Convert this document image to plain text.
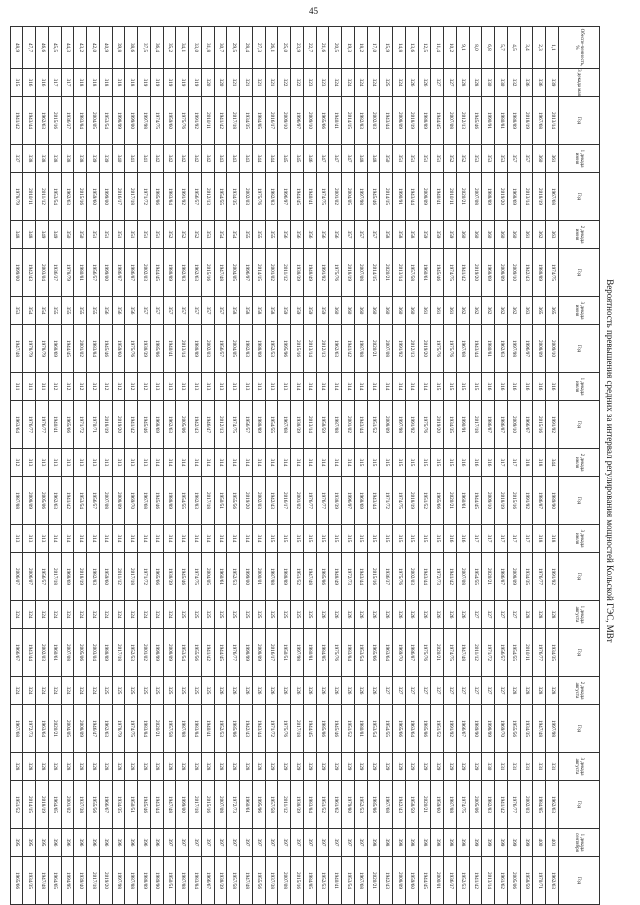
45
Вероятность превышения средних за интервал регулирования мощностей Кольской ГЭС, МВт
Обеспе-ченность, %	3 декада мая	Год	1 декада июня	Год	2 декада июня	Год	3 декада июня	Год	1 декада июля	Год	2 декада июля	Год	3 декада июля	Год	1 декада августа	Год	2 декада августа	Год	3 декада августа	Год	1 декада сентября	Год
1,1	339	2013/14	361	1967/68	363	1974/75	365	2009/10	316	1991/92	344	1989/90	318	1991/92	328	1934/35	328	1997/98	331	1962/63	401	1962/63
2,3	336	1967/68	360	2018/19	362	1988/89	365	2008/09	316	2015/16	318	1986/87	318	1976/77	328	1976/77	328	1947/48	331	1984/85	400	1970/71
3,4	336	2018/19	357	2013/14	361	1942/43	363	1996/97	316	1966/67	318	1991/92	317	1934/35	328	2010/11	328	1934/35	331	2002/03	399	1958/59
4,5	332	1988/89	357	1968/69	360	2009/10	362	1997/98	316	2009/10	317	2015/16	317	2008/09	327	1954/55	328	1955/56	331	1976/77	399	2005/06
5,7	330	1980/81	353	2019/20	360	2008/09	362	1962/63	316	1986/87	317	2018/19	317	1986/87	327	1956/57	327	1969/70	331	1941/42	399	1961/62
6,8	330	1990/91	353	1988/89	360	1968/69	362	1980/81	316	1986/87	316	2009/10	317	2020/21	327	1971/72	327	1998/99	330	1982/83	399	2013/14
8,0	328	1945/46	353	2007/08	360	2019/20	362	1943/44	315	2017/18	316	1944/45	317	1954/55	327	2011/12	327	1989/90	329	2005/06	399	1941/42
9,1	328	2012/13	352	2020/21	360	1941/42	362	1967/68	315	1990/91	316	1960/61	316	2007/08	326	1947/48	327	1966/67	329	1974/75	398	1952/53
10,2	327	2007/08	352	2010/11	359	1974/75	361	1975/76	315	1934/35	315	2020/21	316	1941/42	326	1974/75	327	1991/92	329	1987/88	398	1936/37
11,4	327	1944/45	351	1940/41	359	1945/46	361	1975/76	315	2019/20	315	1965/66	315	1972/73	326	2020/21	327	1951/52	329	1959/60	398	2000/01
12,5	326	1988/89	351	2008/09	359	1960/61	361	2019/20	314	1975/76	315	1951/52	315	1943/44	326	1975/76	327	1985/86	329	2020/21	398	1944/45
13,6	326	2018/19	351	1943/44	358	1957/58	360	2012/13	314	1991/92	315	2018/19	315	2002/03	326	1986/87	327	1963/64	329	1958/59	398	1959/60
14,8	324	2008/09	351	1990/91	358	2013/14	360	1991/92	314	1997/98	315	1974/75	315	1975/76	326	1969/70	327	1965/66	329	1942/43	398	2008/09
15,9	325	1943/44	350	2014/15	358	2020/21	360	2007/08	314	2008/09	315	1971/72	315	1936/37	326	1963/64	327	1954/55	329	1967/68	398	1942/43
17,0	324	2002/03	348	1945/46	357	2014/15	360	2020/21	314	1951/52	315	1943/44	315	2015/16	326	1965/66	326	1953/54	329	1985/86	398	2020/21
18,2	324	1982/83	348	1997/98	357	2007/08	360	1987/88	314	1943/44	315	1968/69	315	1943/44	326	1953/54	326	1980/81	329	1952/53	397	1967/68
19,3	324	2014/15	347	2004/05	357	2018/19	360	1941/42	314	2001/02	314	1996/97	315	1972/73	326	1983/84	326	1951/52	329	1979/80	397	1953/54
20,5	324	1940/41	347	2001/02	356	1975/76	360	1962/63	314	1987/88	314	1938/39	315	1948/49	326	1975/76	326	1945/46	329	1961/62	397	1940/41
21,6	323	1965/66	347	1974/75	356	1991/92	359	2012/13	314	1958/59	314	1976/77	315	1985/86	326	1984/85	326	1985/86	329	1951/52	397	1952/53
22,7	323	2009/10	346	1940/41	356	1948/49	359	2013/14	314	2013/14	314	1976/77	315	1947/48	325	1980/81	326	1944/45	329	1983/84	397	1984/85
23,9	322	1996/97	345	1944/45	356	1938/39	359	2015/16	314	1938/39	314	2001/02	315	1951/52	325	1997/98	326	2017/18	329	1938/39	397	2015/16
25,0	322	2009/10	345	1996/97	356	2011/12	359	1995/96	313	1967/68	314	2016/17	315	1988/89	325	1950/51	326	1975/76	329	2011/12	397	2007/08
26,1	321	2016/17	344	1982/83	355	2001/02	358	1952/53	313	1954/55	314	1942/43	315	1987/88	325	2016/17	326	1971/72	329	1957/58	397	1937/38
27,3	321	1984/85	344	1975/76	355	2014/15	358	1988/89	313	1988/89	314	2002/03	314	2000/01	325	2008/09	326	1943/44	328	1995/96	397	1955/56
28,4	321	1934/35	343	2002/03	355	1996/97	358	1982/83	313	1956/57	314	2019/20	314	1999/00	325	1998/99	326	1942/43	328	1960/61	397	1947/48
29,5	321	2017/18	343	1934/35	354	2004/05	358	2004/05	313	1974/75	314	1955/56	314	1952/53	325	1976/77	326	1985/86	328	1972/73	397	1957/58
30,7	320	1941/42	343	1954/55	354	1947/48	357	1956/57	313	2012/13	314	1950/51	314	1960/61	325	1944/45	326	1952/53	328	2007/08	397	1938/39
31,8	320	2010/11	342	2012/13	353	2015/16	357	2002/03	313	1946/47	314	2017/18	314	2004/05	325	1941/42	325	1940/41	328	2015/16	397	1966/67
33,0	319	1991/92	342	1956/57	352	1962/63	357	1988/89	313	1942/43	314	1982/83	314	1974/75	325	1955/56	325	1983/84	328	2017/18	397	1983/84
34,1	319	1975/76	342	1991/92	352	1982/83	357	2013/14	313	2005/06	314	1954/55	314	1945/46	325	1953/54	325	1987/88	328	1999/00	397	1987/88
35,2	319	1959/60	342	1983/84	352	1988/89	357	1940/41	313	1962/63	314	1988/89	314	1938/39	324	2008/09	325	1957/58	328	1947/48	397	1950/51
36,4	319	1974/75	342	1985/86	351	1944/45	357	1985/86	313	1968/69	314	1945/46	314	1965/66	324	1998/99	325	2020/21	328	1943/44	396	1989/90
37,5	319	1997/98	341	1971/72	351	2002/03	357	1938/39	312	1945/46	313	1967/68	314	1971/72	324	2001/02	325	1983/84	328	1945/46	396	1988/89
38,6	318	1999/00	341	2017/18	351	1986/87	356	1975/76	312	1941/42	313	1969/70	314	2017/18	324	1952/53	325	1974/75	328	1950/51	396	1987/88
39,8	318	1998/99	340	2016/17	351	1986/87	356	1959/60	312	2019/20	313	2008/09	314	2011/12	324	2017/18	325	1978/79	328	1934/35	396	1997/98
40,9	318	1953/54	339	1999/00	351	1999/00	356	1945/46	312	2018/19	313	2007/08	314	1959/60	324	1988/89	325	1962/63	328	1966/67	396	2019/20
42,0	318	2004/05	339	1959/60	351	1956/57	355	1983/84	312	1970/71	313	1956/57	314	1982/83	324	2003/04	324	1946/47	328	1955/56	396	2017/18
43,2	318	1983/84	338	2015/16	350	1980/81	355	2001/02	312	1971/72	313	1953/54	314	2018/19	324	2005/06	324	2008/09	328	1937/38	396	1939/40
44,3	317	1936/37	338	1962/63	350	1978/79	355	1944/45	312	1965/66	313	1941/42	314	1968/69	324	2007/08	324	2004/05	328	2001/02	396	1994/95
45,5	317	2015/16	338	1953/54	349	1936/37	355	1968/69	312	1940/41	313	1962/63	314	2017/18	324	1960/61	324	2020/21	328	1964/65	396	1964/65
46,6	316	1962/63	338	2011/12	349	2003/04	354	1978/79	311	1976/77	313	2005/06	313	1956/57	324	2002/03	324	1963/64	328	2018/19	395	1947/48
47,7	316	1943/44	338	2010/11	348	1942/43	354	1978/79	311	1976/77	313	2008/09	313	2006/07	324	1943/44	324	1972/73	328	2014/15	395	1934/35
48,9	315	1941/42	337	1978/79	348	1999/00	353	1947/48	311	1963/64	312	1987/88	313	2006/07	324	1966/67	324	1967/68	328	1951/52	395	1965/66
